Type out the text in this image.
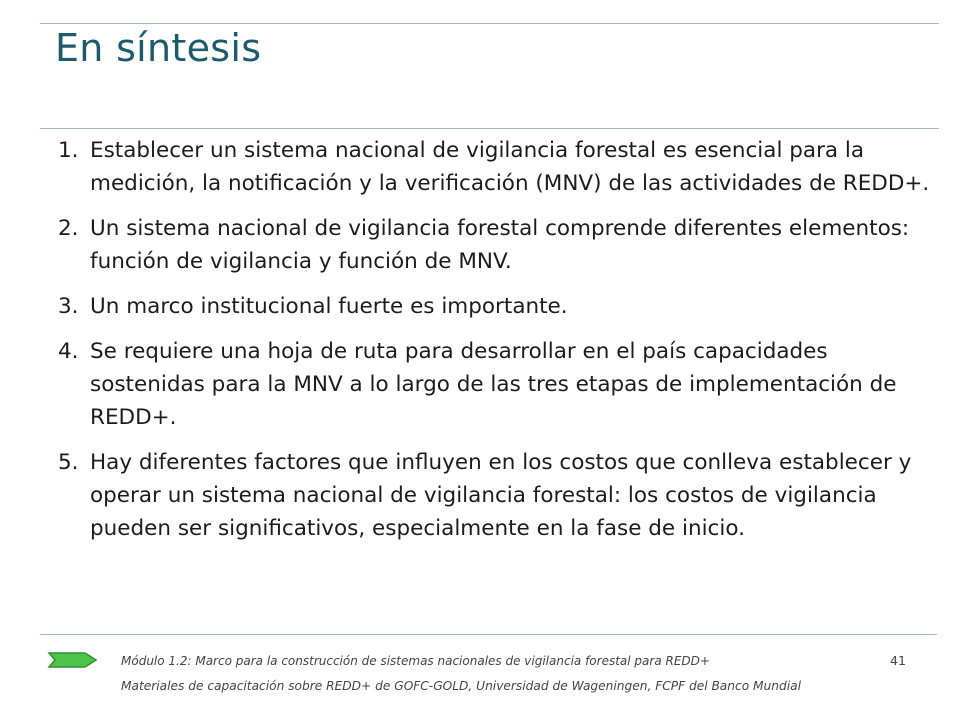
En síntesis
1. Establecer un sistema nacional de vigilancia forestal es esencial para la medición, la notificación y la verificación (MNV) de las actividades de REDD+.
2. Un sistema nacional de vigilancia forestal comprende diferentes elementos: función de vigilancia y función de MNV.
3. Un marco institucional fuerte es importante.
4. Se requiere una hoja de ruta para desarrollar en el país capacidades sostenidas para la MNV a lo largo de las tres etapas de implementación de REDD+.
5. Hay diferentes factores que influyen en los costos que conlleva establecer y operar un sistema nacional de vigilancia forestal: los costos de vigilancia pueden ser significativos, especialmente en la fase de inicio.
Módulo 1.2: Marco para la construcción de sistemas nacionales de vigilancia forestal para REDD+	41
Materiales de capacitación sobre REDD+ de GOFC-GOLD, Universidad de Wageningen, FCPF del Banco Mundial
